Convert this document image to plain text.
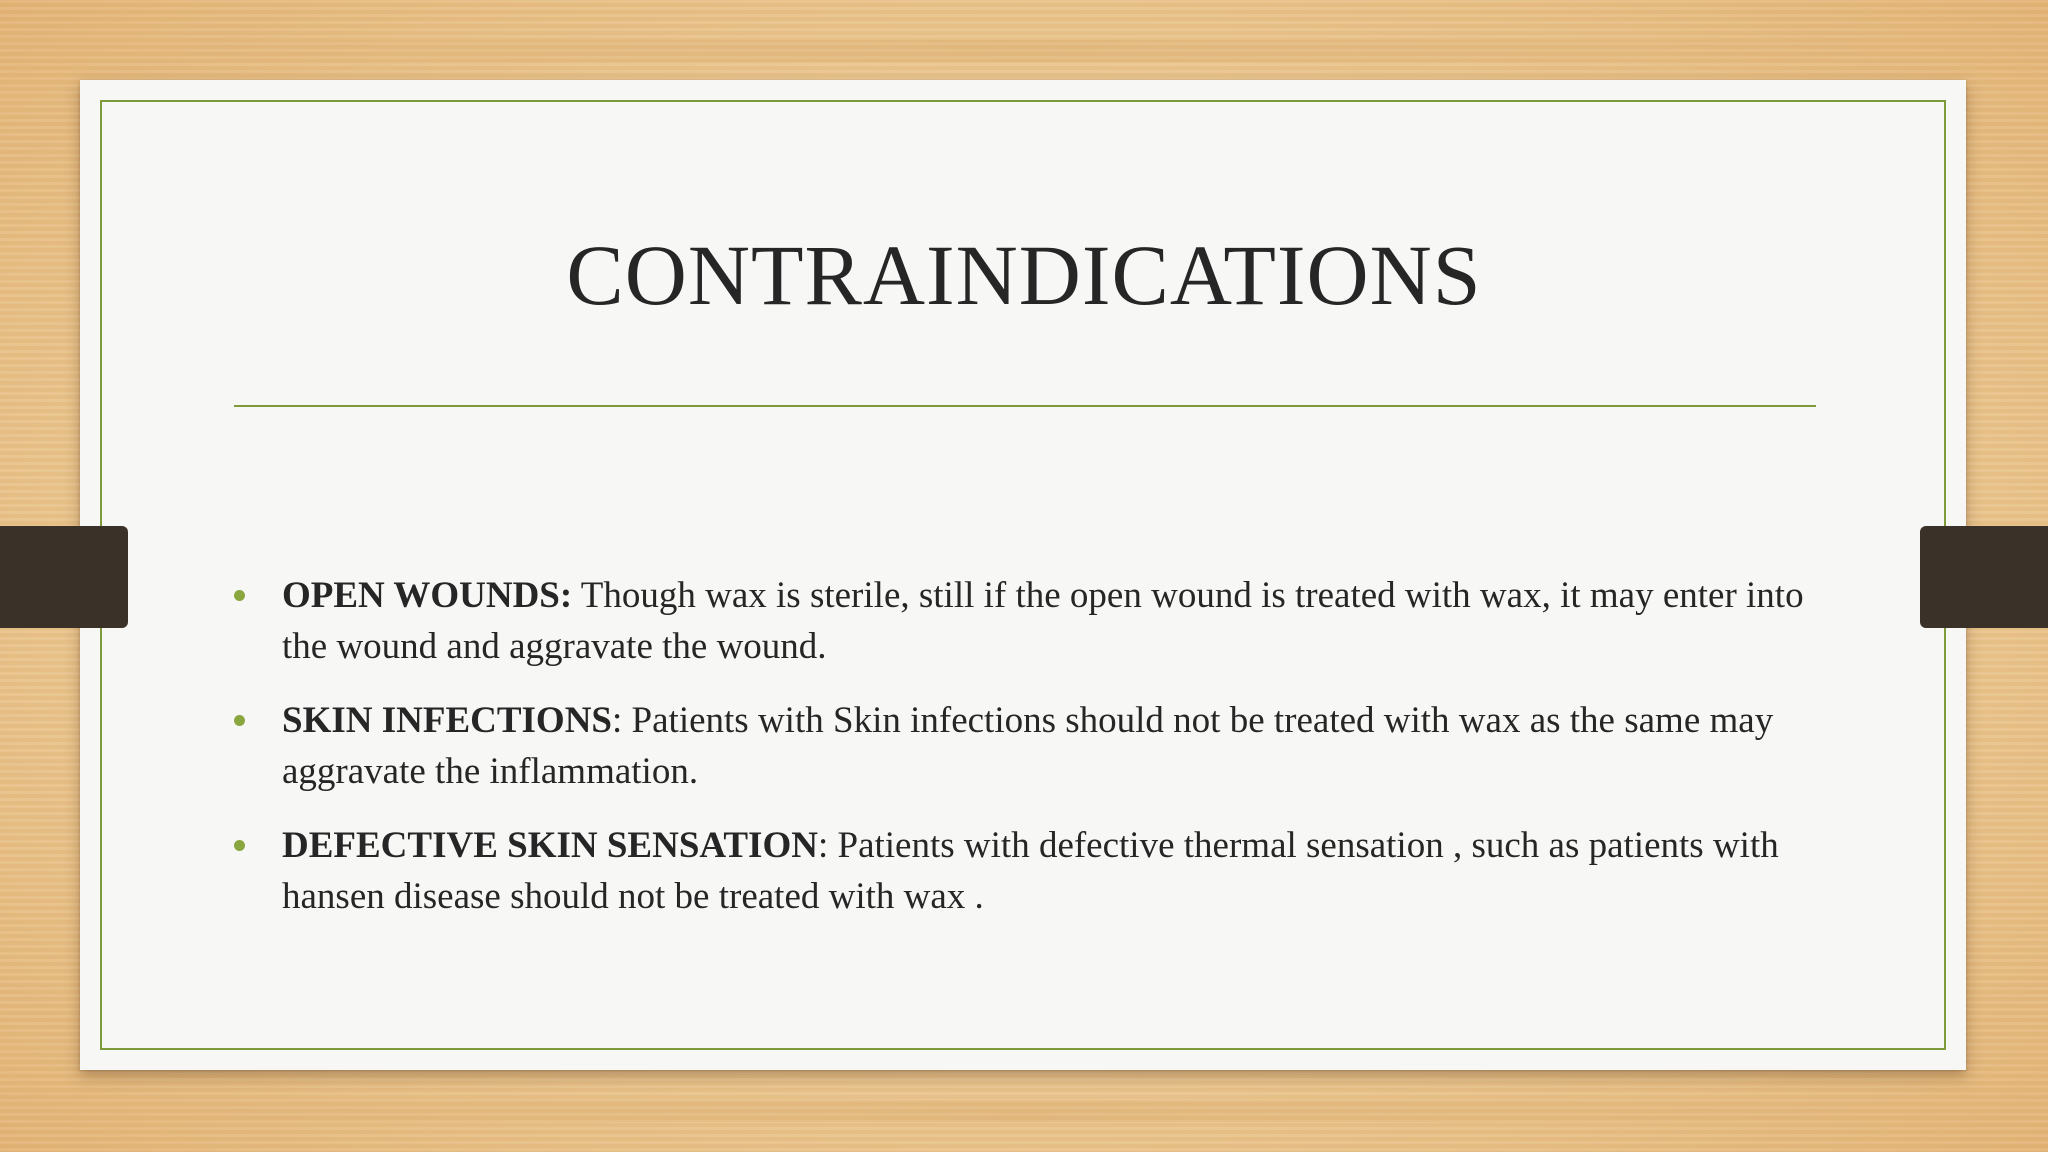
CONTRAINDICATIONS
OPEN WOUNDS: Though wax is sterile, still if the open wound is treated with wax, it may enter into the wound and aggravate the wound.
SKIN INFECTIONS: Patients with Skin infections should not be treated with wax as the same may aggravate the inflammation.
DEFECTIVE SKIN SENSATION: Patients with defective thermal sensation , such as patients with hansen disease should not be treated with wax .
